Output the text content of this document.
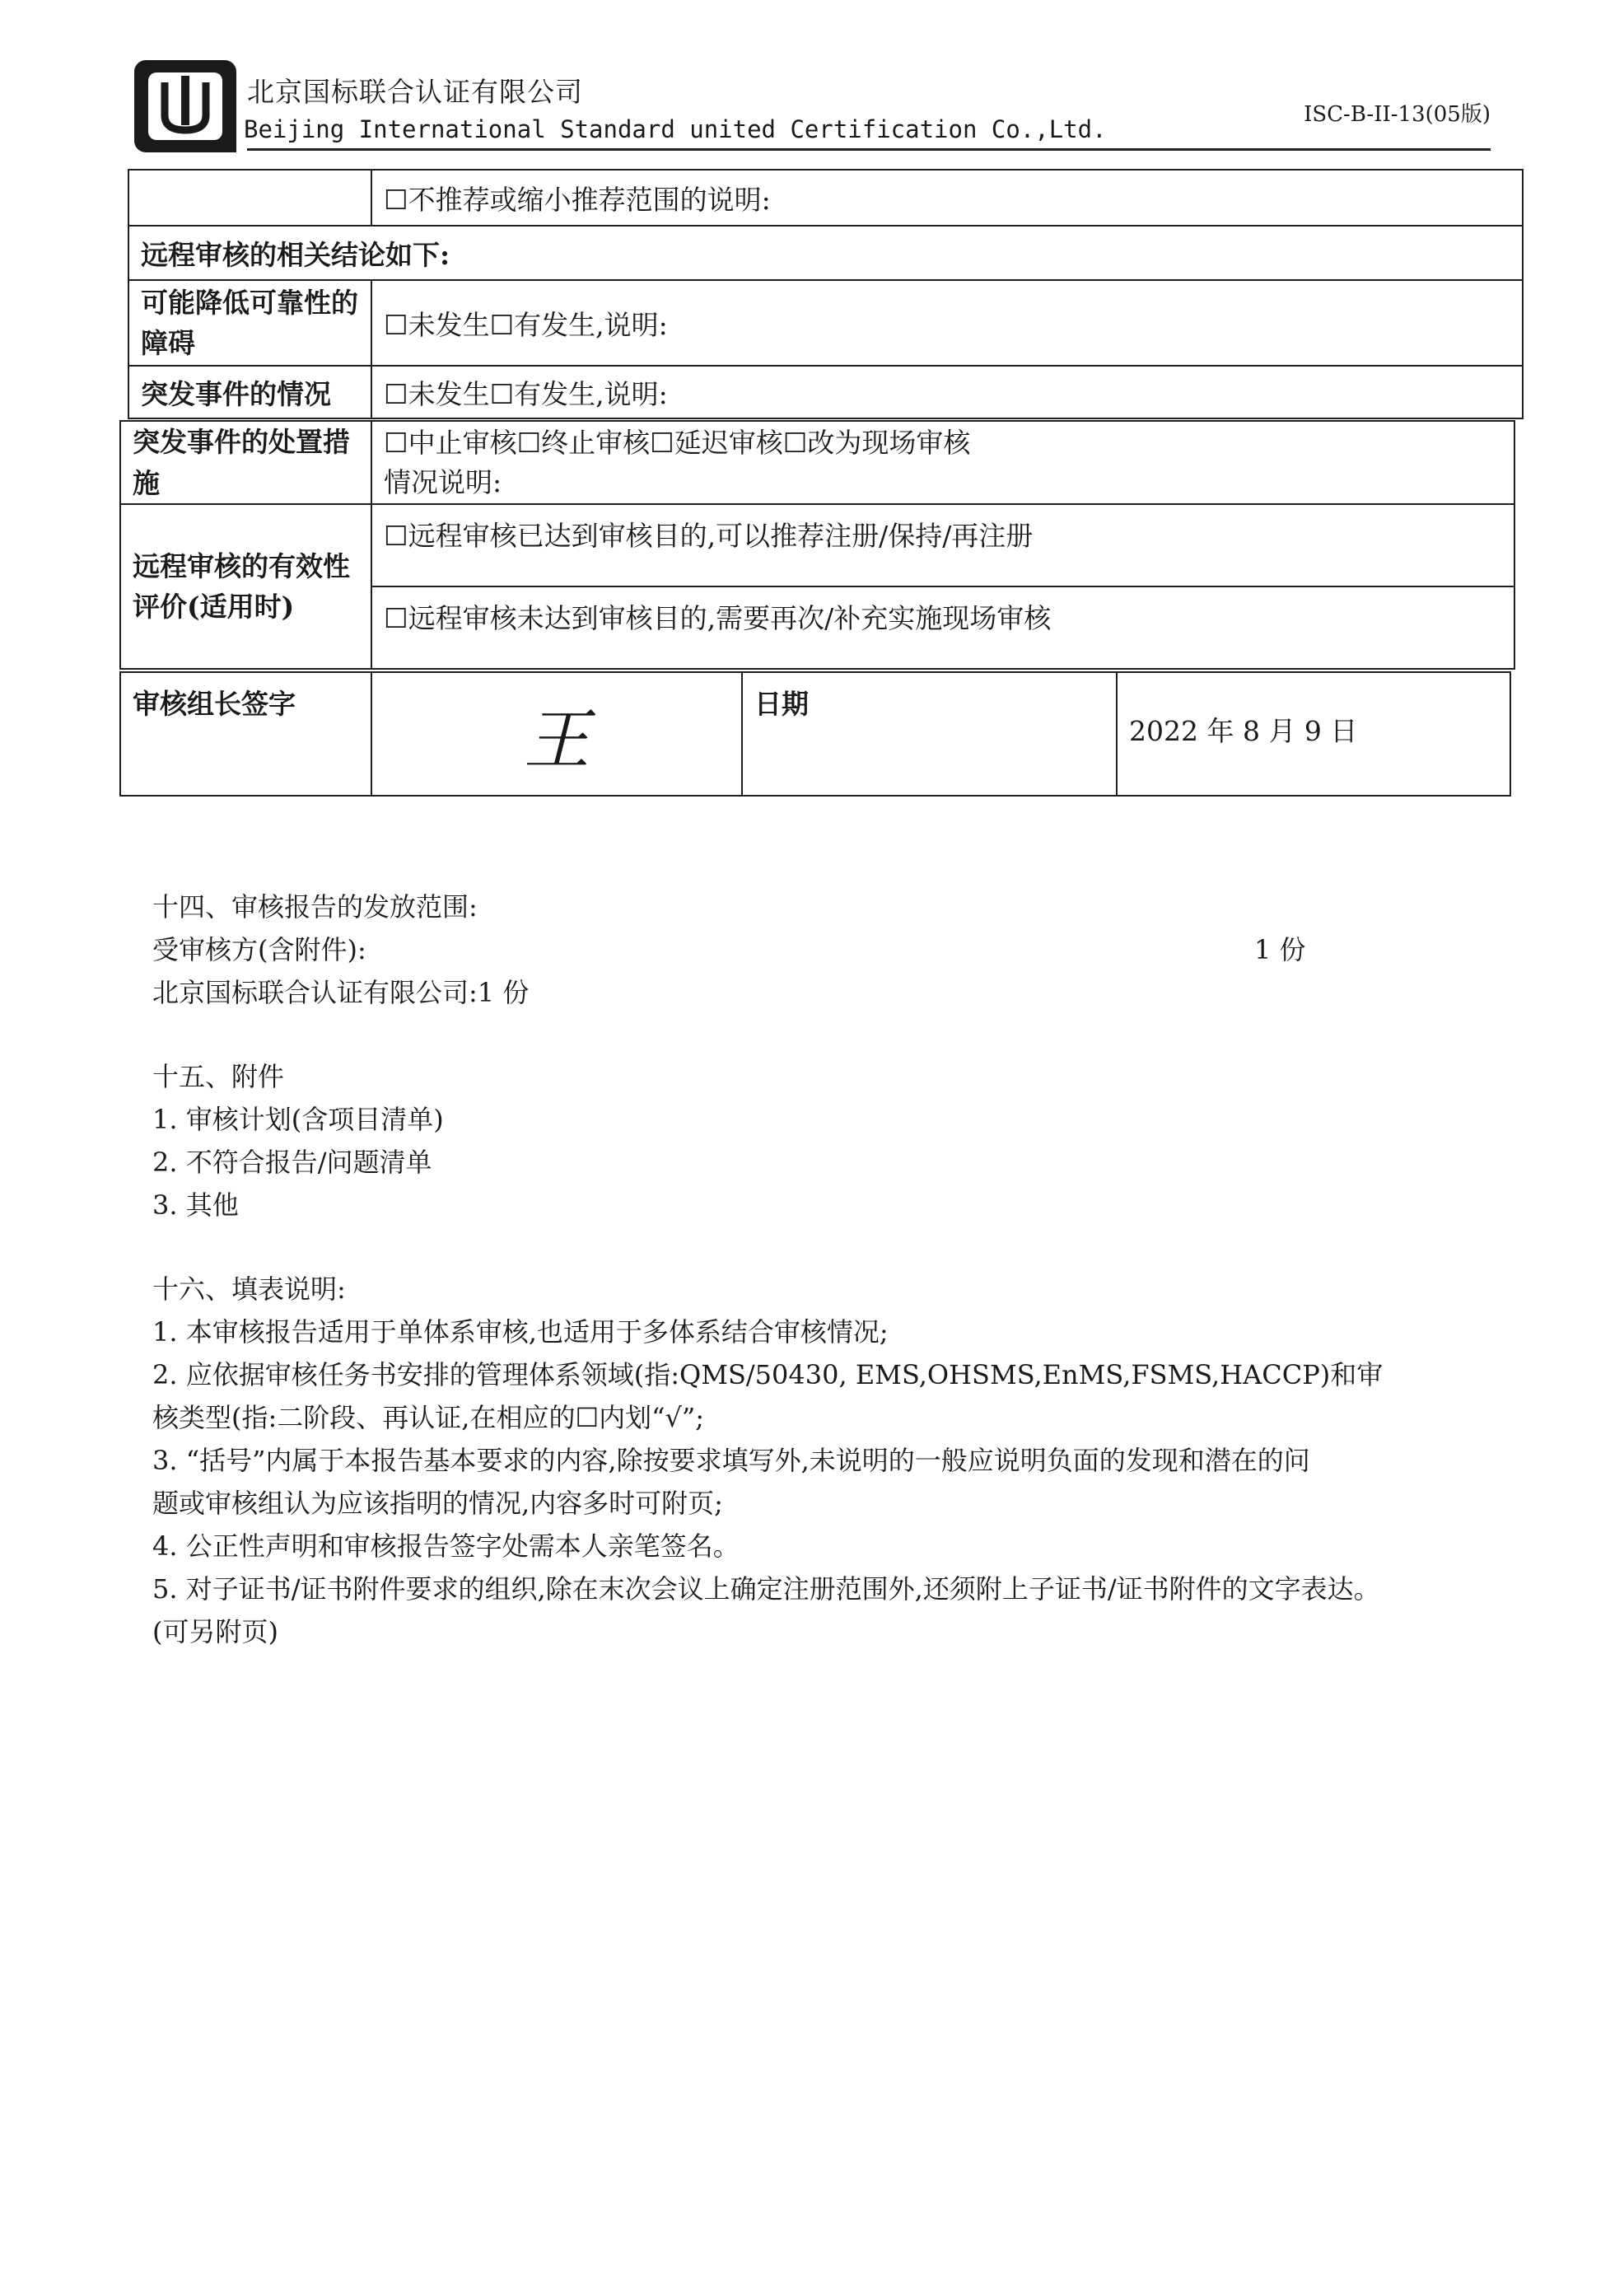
北京国标联合认证有限公司
Beijing International Standard united Certification Co.,Ltd.
ISC-B-II-13(05版)
	☐不推荐或缩小推荐范围的说明:
远程审核的相关结论如下:	
可能降低可靠性的障碍	☐未发生☐有发生,说明:
突发事件的情况	☐未发生☐有发生,说明:
突发事件的处置措施	☐中止审核☐终止审核☐延迟审核☐改为现场审核
情况说明:

远程审核的有效性评价(适用时)	☐远程审核已达到审核目的,可以推荐注册/保持/再注册
	☐远程审核未达到审核目的,需要再次/补充实施现场审核
审核组长签字	王	日期	2022 年 8 月 9 日
十四、审核报告的发放范围:
受审核方(含附件):	1 份
北京国标联合认证有限公司:1 份
十五、附件
1. 审核计划(含项目清单)
2. 不符合报告/问题清单
3. 其他
十六、填表说明:
1. 本审核报告适用于单体系审核,也适用于多体系结合审核情况;
2. 应依据审核任务书安排的管理体系领域(指:QMS/50430, EMS,OHSMS,EnMS,FSMS,HACCP)和审
核类型(指:二阶段、再认证,在相应的☐内划“√”;
3. “括号”内属于本报告基本要求的内容,除按要求填写外,未说明的一般应说明负面的发现和潜在的问
题或审核组认为应该指明的情况,内容多时可附页;
4. 公正性声明和审核报告签字处需本人亲笔签名。
5. 对子证书/证书附件要求的组织,除在末次会议上确定注册范围外,还须附上子证书/证书附件的文字表达。
(可另附页)
